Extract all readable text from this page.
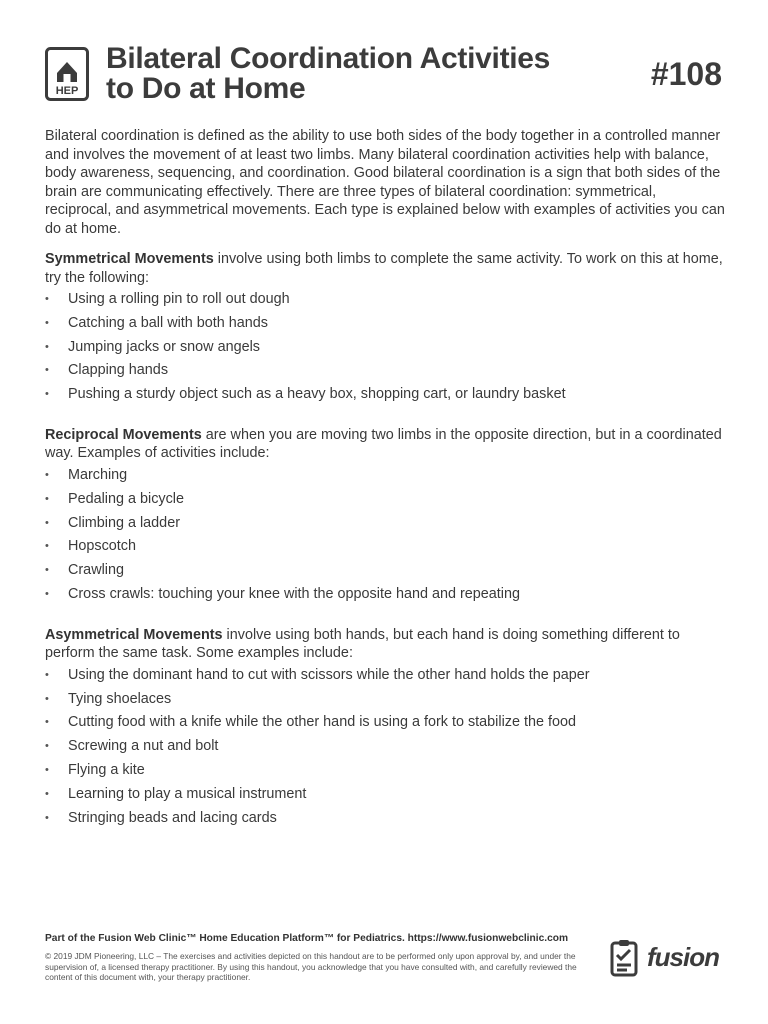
HEP
Bilateral Coordination Activities
to Do at Home	#108

Bilateral coordination is defined as the ability to use both sides of the body together in a controlled manner and involves the movement of at least two limbs. Many bilateral coordination activities help with balance, body awareness, sequencing, and coordination. Good bilateral coordination is a sign that both sides of the brain are communicating effectively. There are three types of bilateral coordination: symmetrical, reciprocal, and asymmetrical movements. Each type is explained below with examples of activities you can do at home.

Symmetrical Movements involve using both limbs to complete the same activity. To work on this at home, try the following:

• Using a rolling pin to roll out dough
• Catching a ball with both hands
• Jumping jacks or snow angels
• Clapping hands
• Pushing a sturdy object such as a heavy box, shopping cart, or laundry basket

Reciprocal Movements are when you are moving two limbs in the opposite direction, but in a coordinated way. Examples of activities include:

• Marching
• Pedaling a bicycle
• Climbing a ladder
• Hopscotch
• Crawling
• Cross crawls: touching your knee with the opposite hand and repeating

Asymmetrical Movements involve using both hands, but each hand is doing something different to perform the same task. Some examples include:

• Using the dominant hand to cut with scissors while the other hand holds the paper
• Tying shoelaces
• Cutting food with a knife while the other hand is using a fork to stabilize the food
• Screwing a nut and bolt
• Flying a kite
• Learning to play a musical instrument
• Stringing beads and lacing cards
Part of the Fusion Web Clinic™ Home Education Platform™ for Pediatrics. https://www.fusionwebclinic.com
© 2019 JDM Pioneering, LLC – The exercises and activities depicted on this handout are to be performed only upon approval by, and under the supervision of, a licensed therapy practitioner. By using this handout, you acknowledge that you have consulted with, and carefully reviewed the content of this document with, your therapy practitioner.
fusion
